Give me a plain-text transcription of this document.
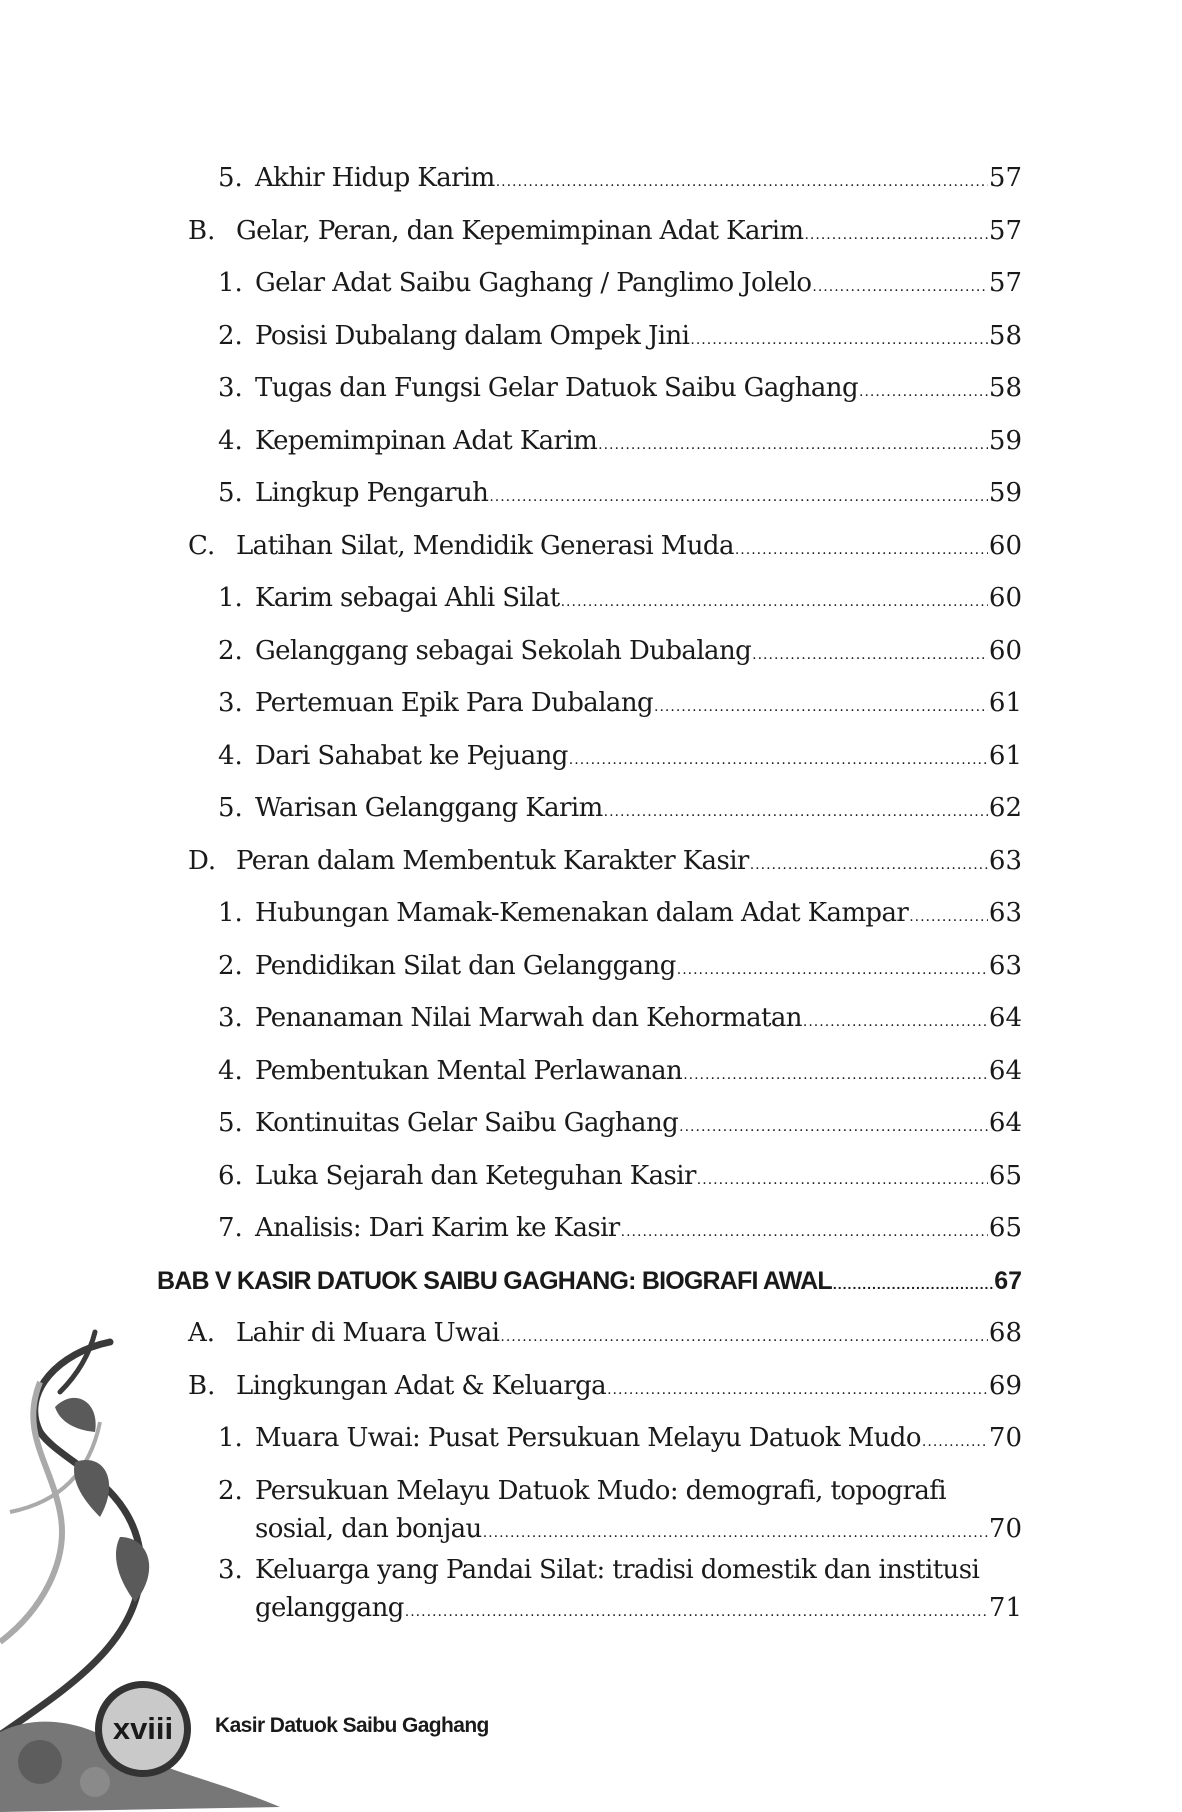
5. Akhir Hidup Karim .....	57
B. Gelar, Peran, dan Kepemimpinan Adat Karim .....	57
1. Gelar Adat Saibu Gaghang / Panglimo Jolelo .....	57
2. Posisi Dubalang dalam Ompek Jini .....	58
3. Tugas dan Fungsi Gelar Datuok Saibu Gaghang .....	58
4. Kepemimpinan Adat Karim .....	59
5. Lingkup Pengaruh .....	59
C. Latihan Silat, Mendidik Generasi Muda .....	60
1. Karim sebagai Ahli Silat .....	60
2. Gelanggang sebagai Sekolah Dubalang .....	60
3. Pertemuan Epik Para Dubalang .....	61
4. Dari Sahabat ke Pejuang .....	61
5. Warisan Gelanggang Karim .....	62
D. Peran dalam Membentuk Karakter Kasir .....	63
1. Hubungan Mamak-Kemenakan dalam Adat Kampar .....	63
2. Pendidikan Silat dan Gelanggang .....	63
3. Penanaman Nilai Marwah dan Kehormatan .....	64
4. Pembentukan Mental Perlawanan .....	64
5. Kontinuitas Gelar Saibu Gaghang .....	64
6. Luka Sejarah dan Keteguhan Kasir .....	65
7. Analisis: Dari Karim ke Kasir .....	65
BAB V KASIR DATUOK SAIBU GAGHANG: BIOGRAFI AWAL .....	67
A. Lahir di Muara Uwai .....	68
B. Lingkungan Adat & Keluarga .....	69
1. Muara Uwai: Pusat Persukuan Melayu Datuok Mudo .....	70
2. Persukuan Melayu Datuok Mudo: demografi, topografi
sosial, dan bonjau .....	70
3. Keluarga yang Pandai Silat: tradisi domestik dan institusi
gelanggang .....	71
xviii Kasir Datuok Saibu Gaghang
